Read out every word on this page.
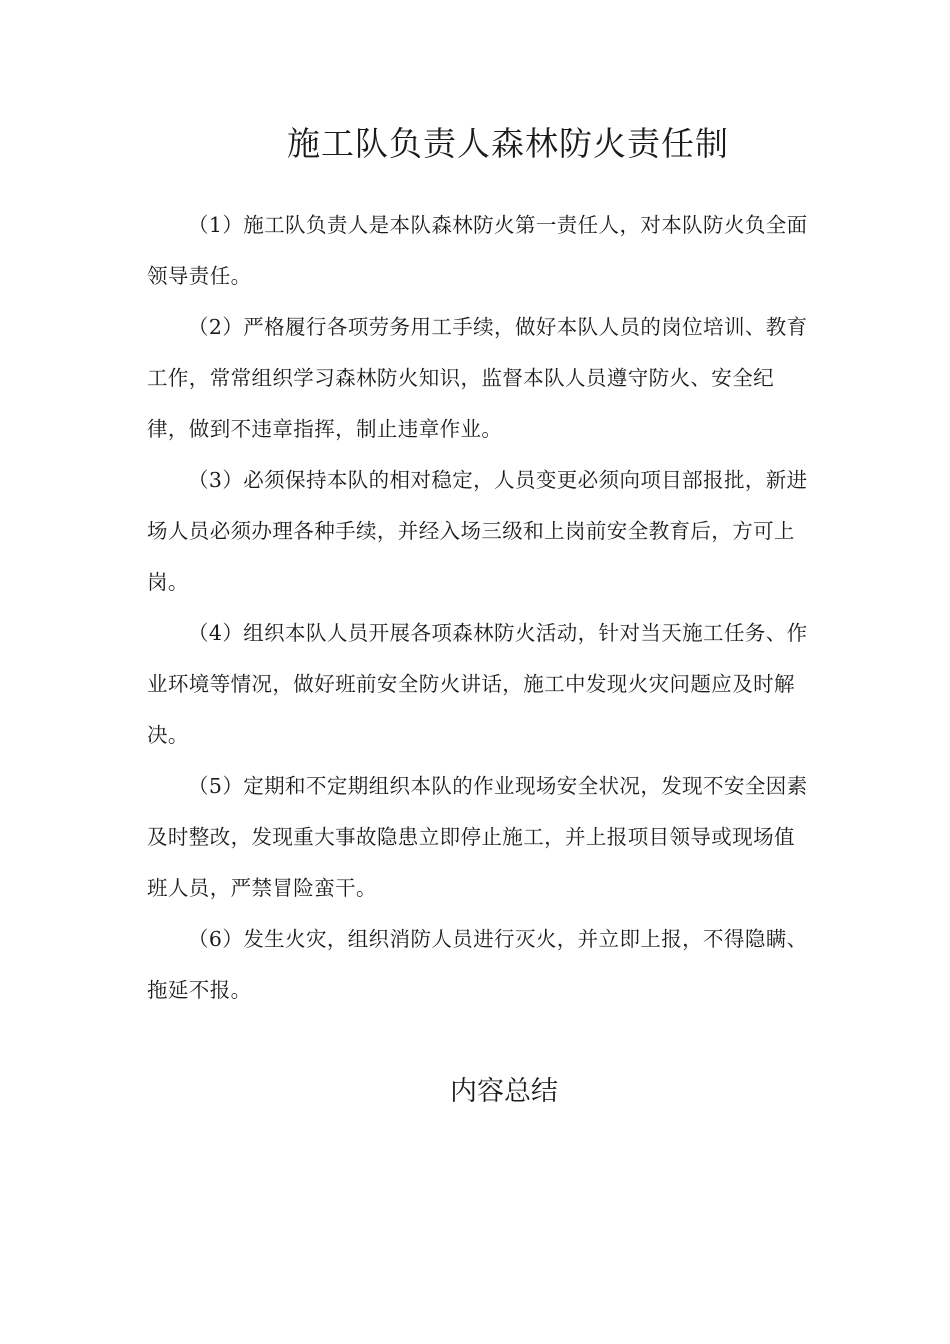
施工队负责人森林防火责任制

（1）施工队负责人是本队森林防火第一责任人，对本队防火负全面领导责任。

（2）严格履行各项劳务用工手续，做好本队人员的岗位培训、教育工作，常常组织学习森林防火知识，监督本队人员遵守防火、安全纪律，做到不违章指挥，制止违章作业。

（3）必须保持本队的相对稳定，人员变更必须向项目部报批，新进场人员必须办理各种手续，并经入场三级和上岗前安全教育后，方可上岗。

（4）组织本队人员开展各项森林防火活动，针对当天施工任务、作业环境等情况，做好班前安全防火讲话，施工中发现火灾问题应及时解决。

（5）定期和不定期组织本队的作业现场安全状况，发现不安全因素及时整改，发现重大事故隐患立即停止施工，并上报项目领导或现场值班人员，严禁冒险蛮干。

（6）发生火灾，组织消防人员进行灭火，并立即上报，不得隐瞒、拖延不报。

内容总结
